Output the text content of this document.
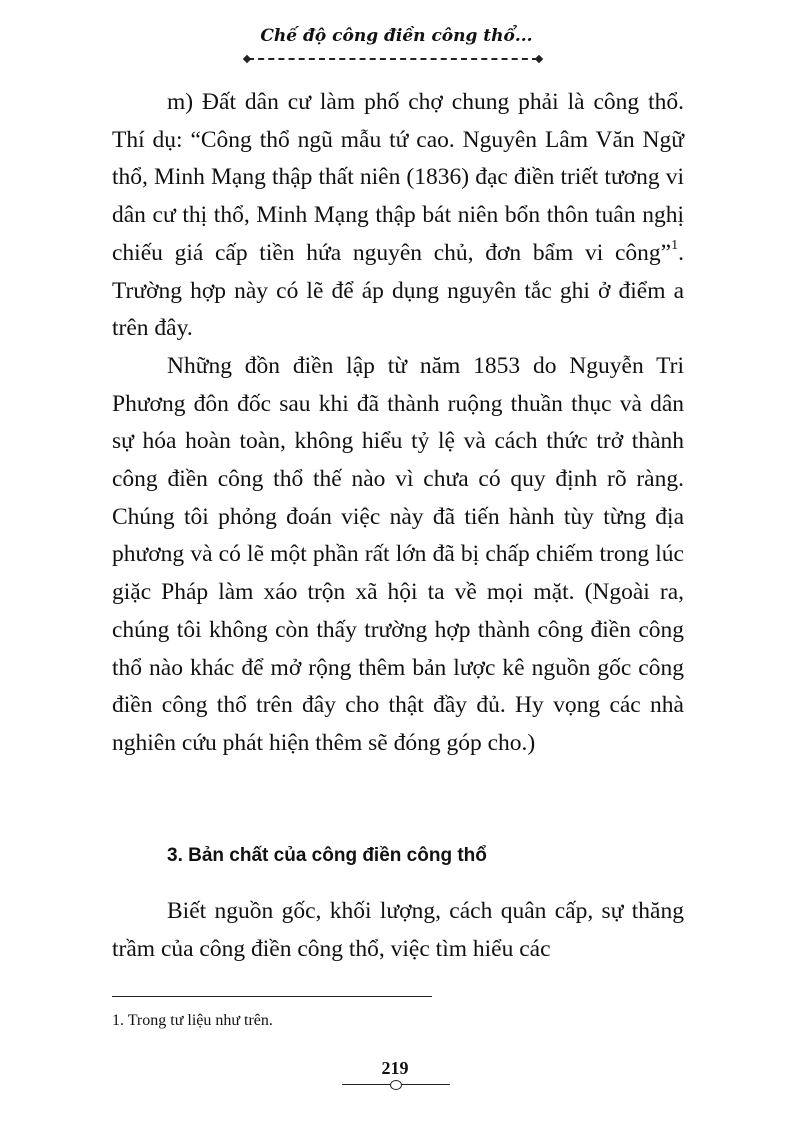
Chế độ công điền công thổ...

m) Đất dân cư làm phố chợ chung phải là công thổ. Thí dụ: “Công thổ ngũ mẫu tứ cao. Nguyên Lâm Văn Ngữ thổ, Minh Mạng thập thất niên (1836) đạc điền triết tương vi dân cư thị thổ, Minh Mạng thập bát niên bổn thôn tuân nghị chiếu giá cấp tiền hứa nguyên chủ, đơn bẩm vi công”$^1$. Trường hợp này có lẽ để áp dụng nguyên tắc ghi ở điểm a trên đây.

Những đồn điền lập từ năm 1853 do Nguyễn Tri Phương đôn đốc sau khi đã thành ruộng thuần thục và dân sự hóa hoàn toàn, không hiểu tỷ lệ và cách thức trở thành công điền công thổ thế nào vì chưa có quy định rõ ràng. Chúng tôi phỏng đoán việc này đã tiến hành tùy từng địa phương và có lẽ một phần rất lớn đã bị chấp chiếm trong lúc giặc Pháp làm xáo trộn xã hội ta về mọi mặt. (Ngoài ra, chúng tôi không còn thấy trường hợp thành công điền công thổ nào khác để mở rộng thêm bản lược kê nguồn gốc công điền công thổ trên đây cho thật đầy đủ. Hy vọng các nhà nghiên cứu phát hiện thêm sẽ đóng góp cho.)

3. Bản chất của công điền công thổ

Biết nguồn gốc, khối lượng, cách quân cấp, sự thăng trầm của công điền công thổ, việc tìm hiểu các

1. Trong tư liệu như trên.

219
